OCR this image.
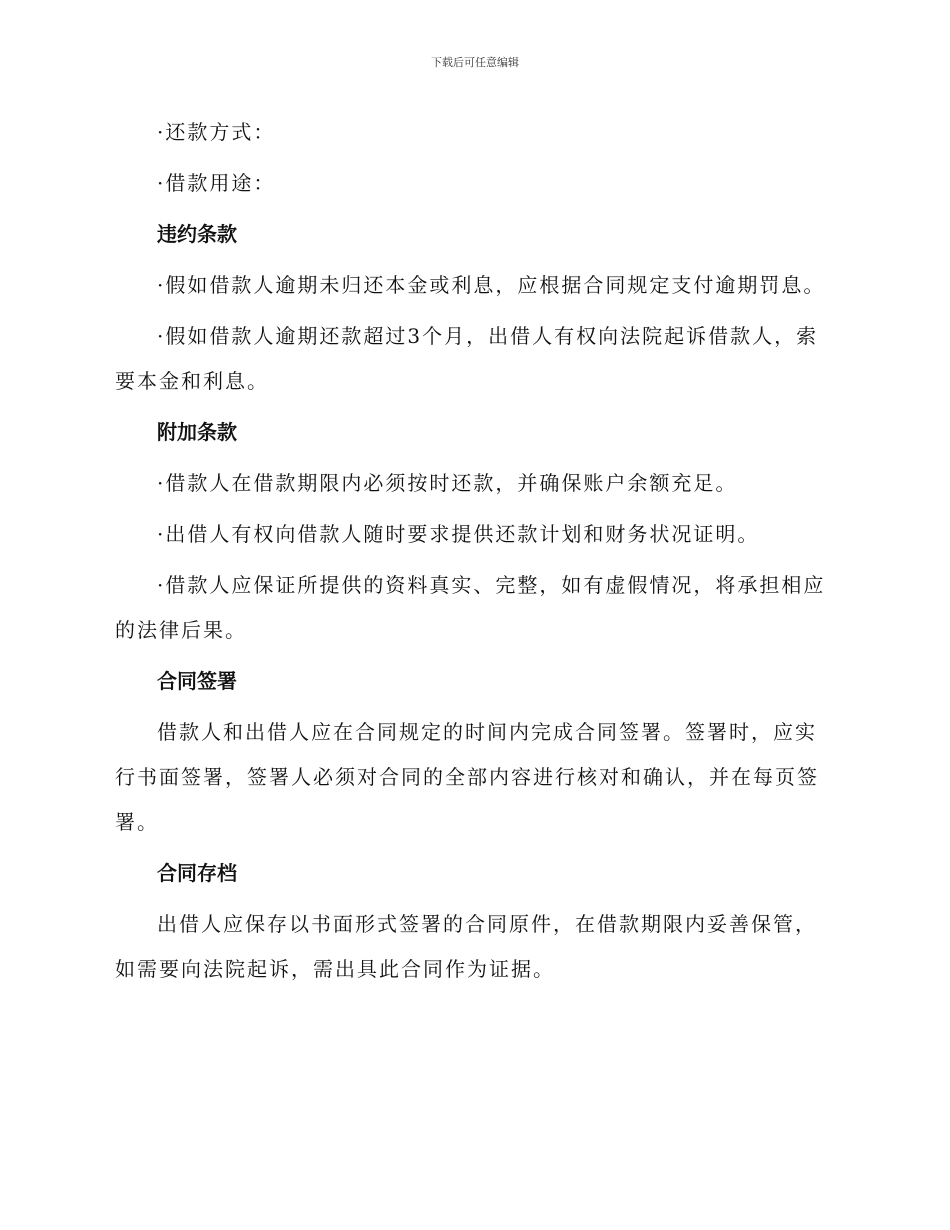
下载后可任意编辑

·还款方式：

·借款用途：

违约条款

·假如借款人逾期未归还本金或利息，应根据合同规定支付逾期罚息。

·假如借款人逾期还款超过3个月，出借人有权向法院起诉借款人，索要本金和利息。

附加条款

·借款人在借款期限内必须按时还款，并确保账户余额充足。

·出借人有权向借款人随时要求提供还款计划和财务状况证明。

·借款人应保证所提供的资料真实、完整，如有虚假情况，将承担相应的法律后果。

合同签署

借款人和出借人应在合同规定的时间内完成合同签署。签署时，应实行书面签署，签署人必须对合同的全部内容进行核对和确认，并在每页签署。

合同存档

出借人应保存以书面形式签署的合同原件，在借款期限内妥善保管，如需要向法院起诉，需出具此合同作为证据。
